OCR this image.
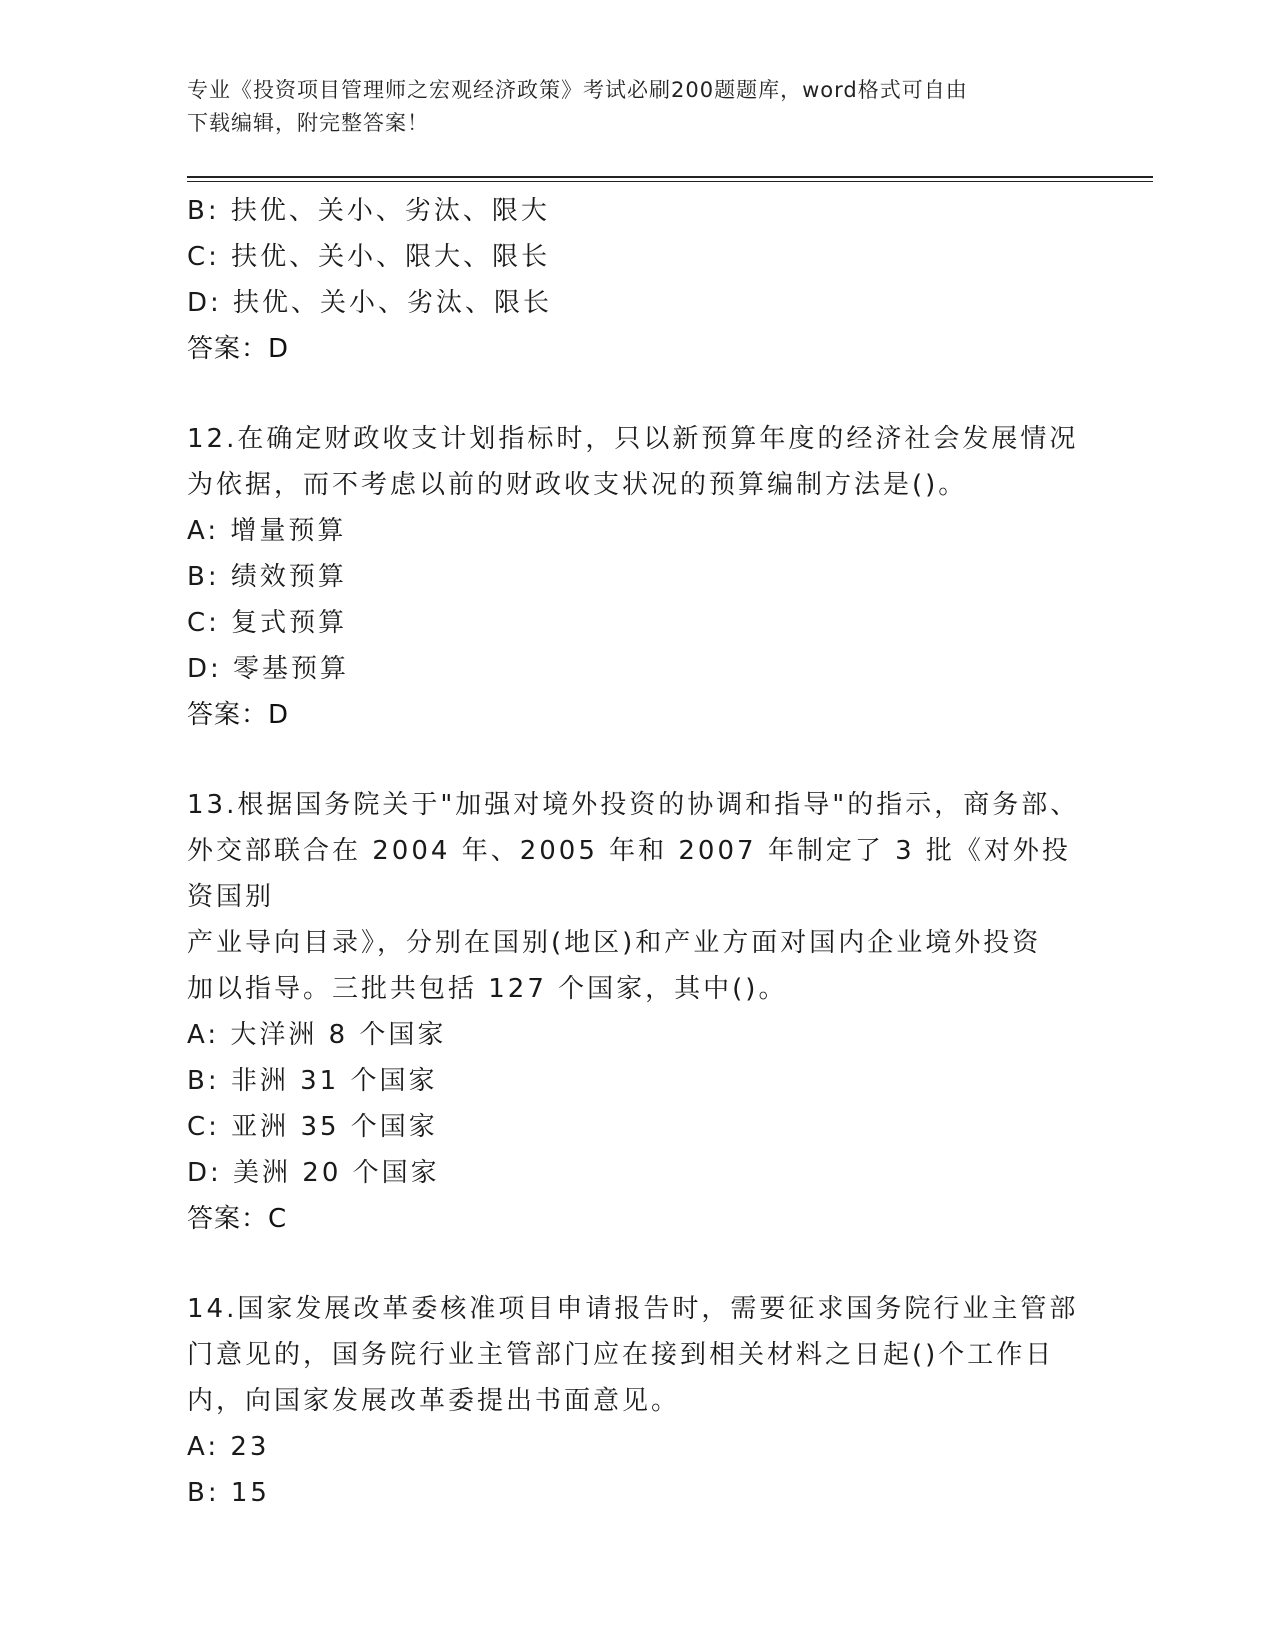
专业《投资项目管理师之宏观经济政策》考试必刷200题题库，word格式可自由
下载编辑，附完整答案！
B: 扶优、关小、劣汰、限大
C: 扶优、关小、限大、限长
D: 扶优、关小、劣汰、限长
答案：D
12.在确定财政收支计划指标时，只以新预算年度的经济社会发展情况
为依据，而不考虑以前的财政收支状况的预算编制方法是()。
A: 增量预算
B: 绩效预算
C: 复式预算
D: 零基预算
答案：D
13.根据国务院关于"加强对境外投资的协调和指导"的指示，商务部、
外交部联合在 2004 年、2005 年和 2007 年制定了 3 批《对外投资国别
产业导向目录》，分别在国别(地区)和产业方面对国内企业境外投资
加以指导。三批共包括 127 个国家，其中()。
A: 大洋洲 8 个国家
B: 非洲 31 个国家
C: 亚洲 35 个国家
D: 美洲 20 个国家
答案：C
14.国家发展改革委核准项目申请报告时，需要征求国务院行业主管部
门意见的，国务院行业主管部门应在接到相关材料之日起()个工作日
内，向国家发展改革委提出书面意见。
A: 23
B: 15
